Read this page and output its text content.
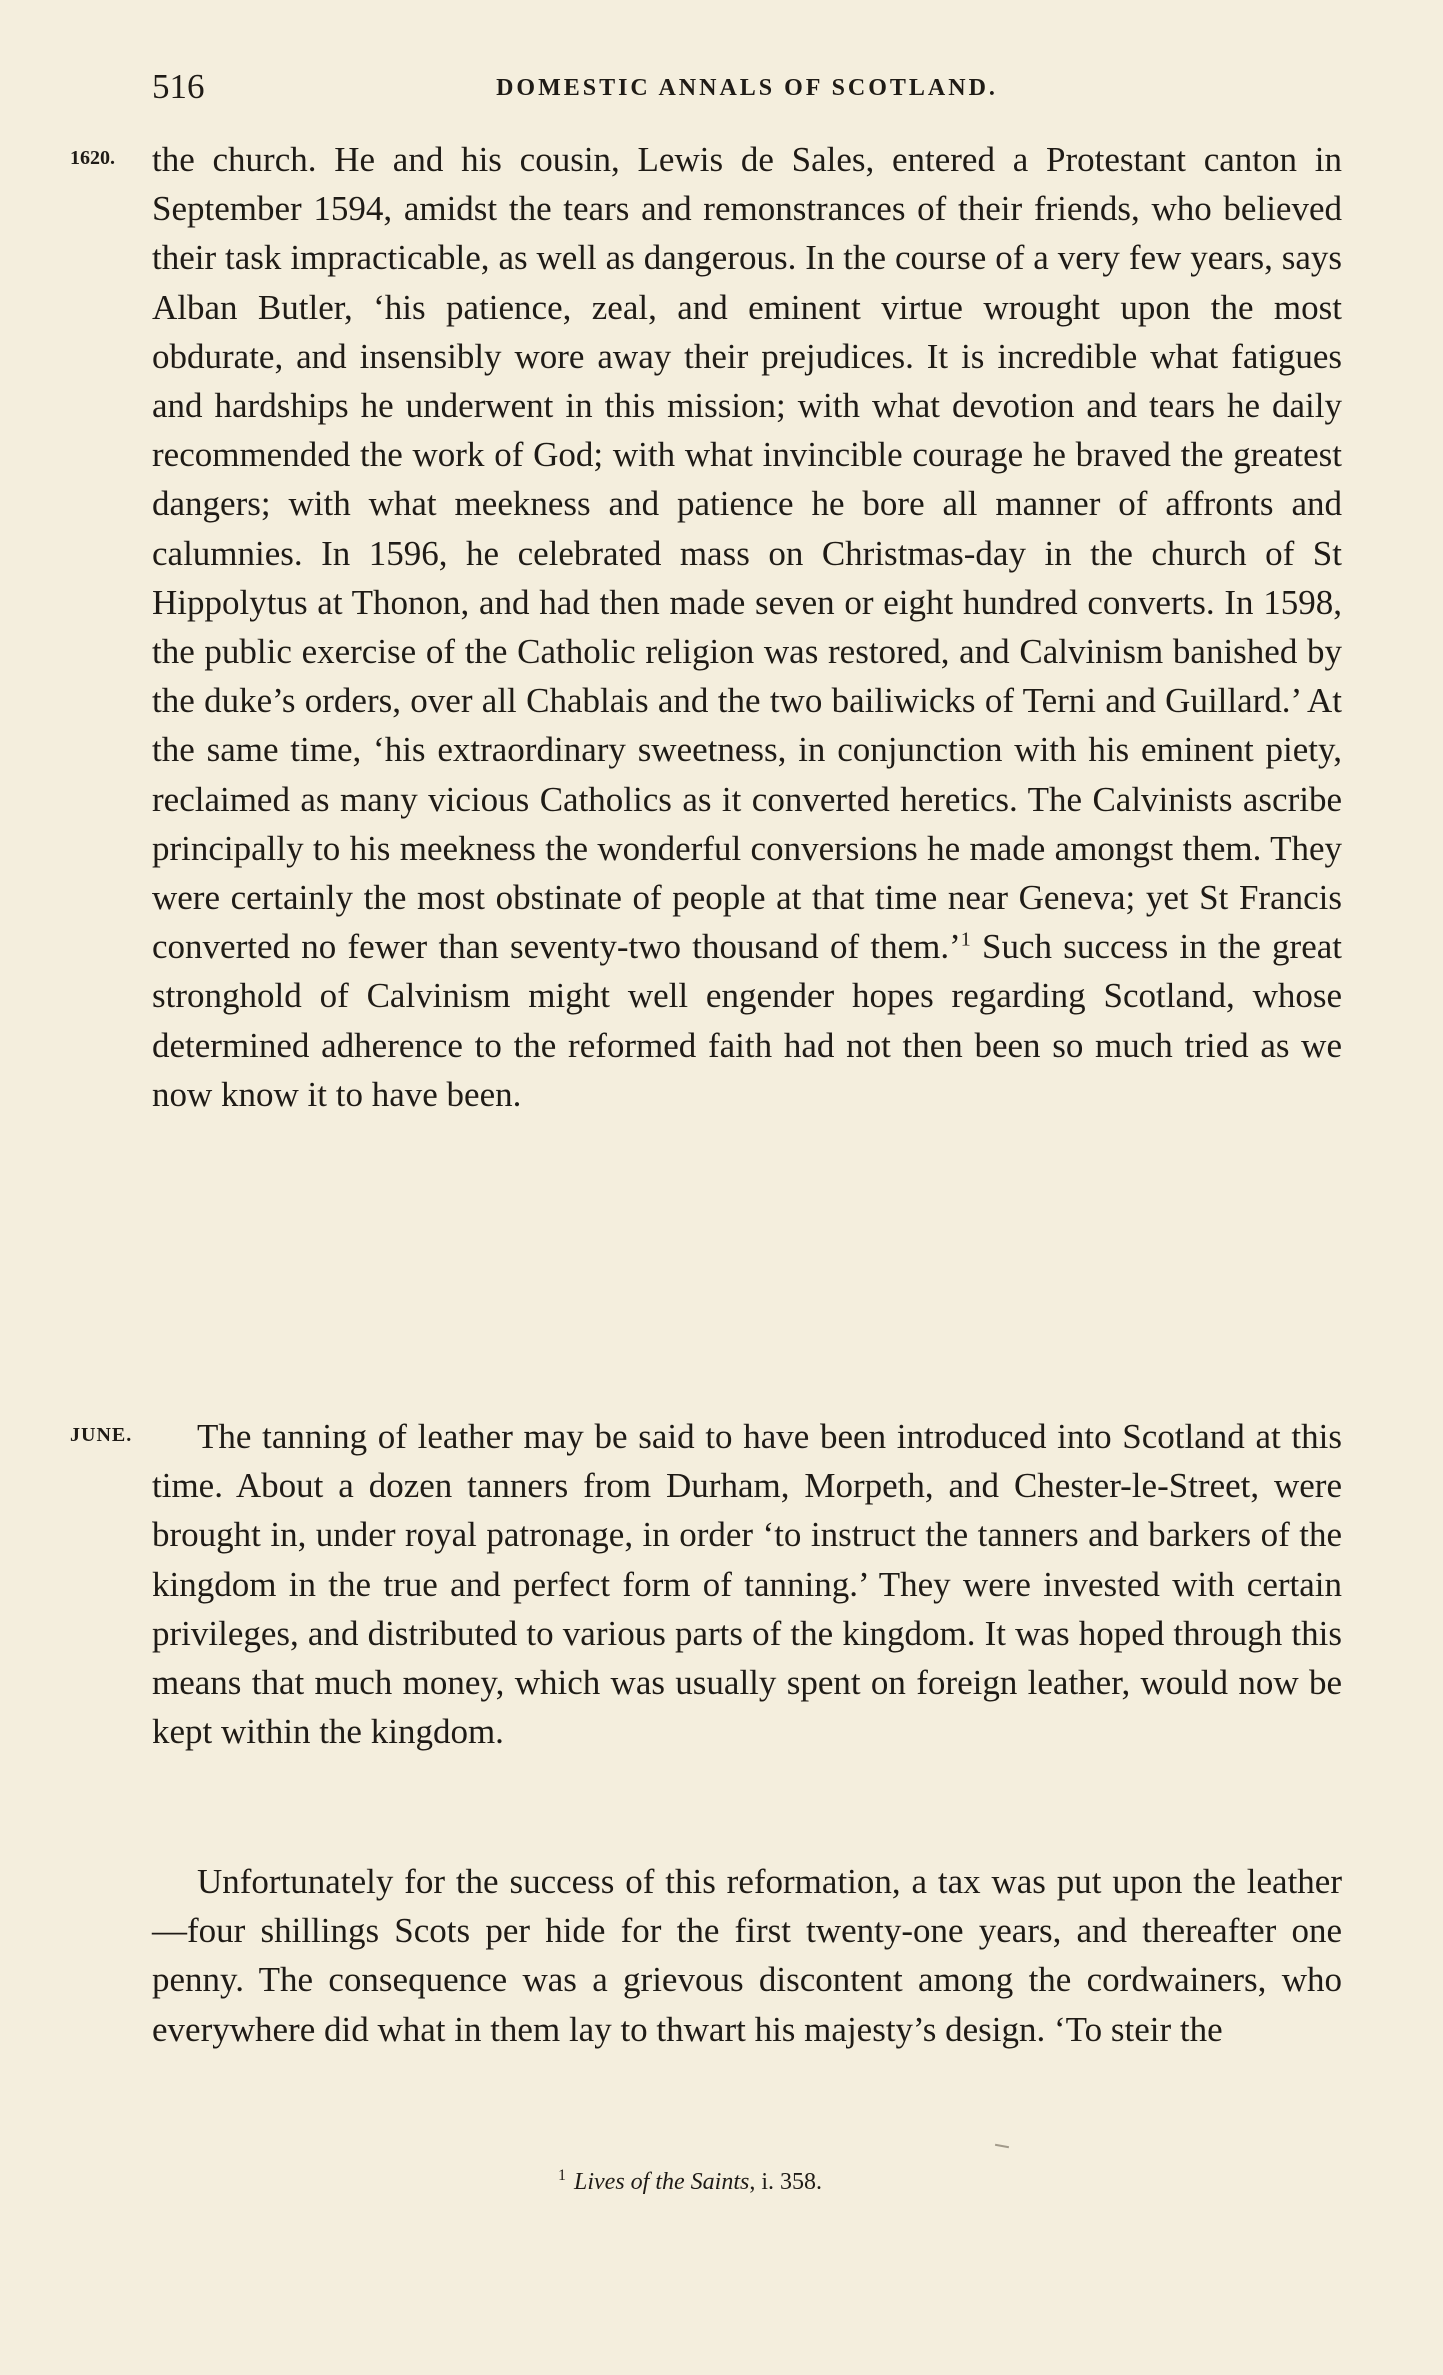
516	DOMESTIC ANNALS OF SCOTLAND.
1620.
JUNE.

the church. He and his cousin, Lewis de Sales, entered a Protestant canton in September 1594, amidst the tears and remonstrances of their friends, who believed their task impracticable, as well as dangerous. In the course of a very few years, says Alban Butler, ‘his patience, zeal, and eminent virtue wrought upon the most obdurate, and insensibly wore away their prejudices. It is incredible what fatigues and hardships he underwent in this mission; with what devotion and tears he daily recommended the work of God; with what invincible courage he braved the greatest dangers; with what meekness and patience he bore all manner of affronts and calumnies. In 1596, he celebrated mass on Christmas-day in the church of St Hippolytus at Thonon, and had then made seven or eight hundred converts. In 1598, the public exercise of the Catholic religion was restored, and Calvinism banished by the duke’s orders, over all Chablais and the two bailiwicks of Terni and Guillard.’ At the same time, ‘his extraordinary sweetness, in conjunction with his eminent piety, reclaimed as many vicious Catholics as it converted heretics. The Calvinists ascribe principally to his meekness the wonderful conversions he made amongst them. They were certainly the most obstinate of people at that time near Geneva; yet St Francis converted no fewer than seventy-two thousand of them.’$^1$ Such success in the great stronghold of Calvinism might well engender hopes regarding Scotland, whose determined adherence to the reformed faith had not then been so much tried as we now know it to have been.

The tanning of leather may be said to have been introduced into Scotland at this time. About a dozen tanners from Durham, Morpeth, and Chester-le-Street, were brought in, under royal patronage, in order ‘to instruct the tanners and barkers of the kingdom in the true and perfect form of tanning.’ They were invested with certain privileges, and distributed to various parts of the kingdom. It was hoped through this means that much money, which was usually spent on foreign leather, would now be kept within the kingdom.

Unfortunately for the success of this reformation, a tax was put upon the leather—four shillings Scots per hide for the first twenty-one years, and thereafter one penny. The consequence was a grievous discontent among the cordwainers, who everywhere did what in them lay to thwart his majesty’s design. ‘To steir the

$^1$ Lives of the Saints, i. 358.
